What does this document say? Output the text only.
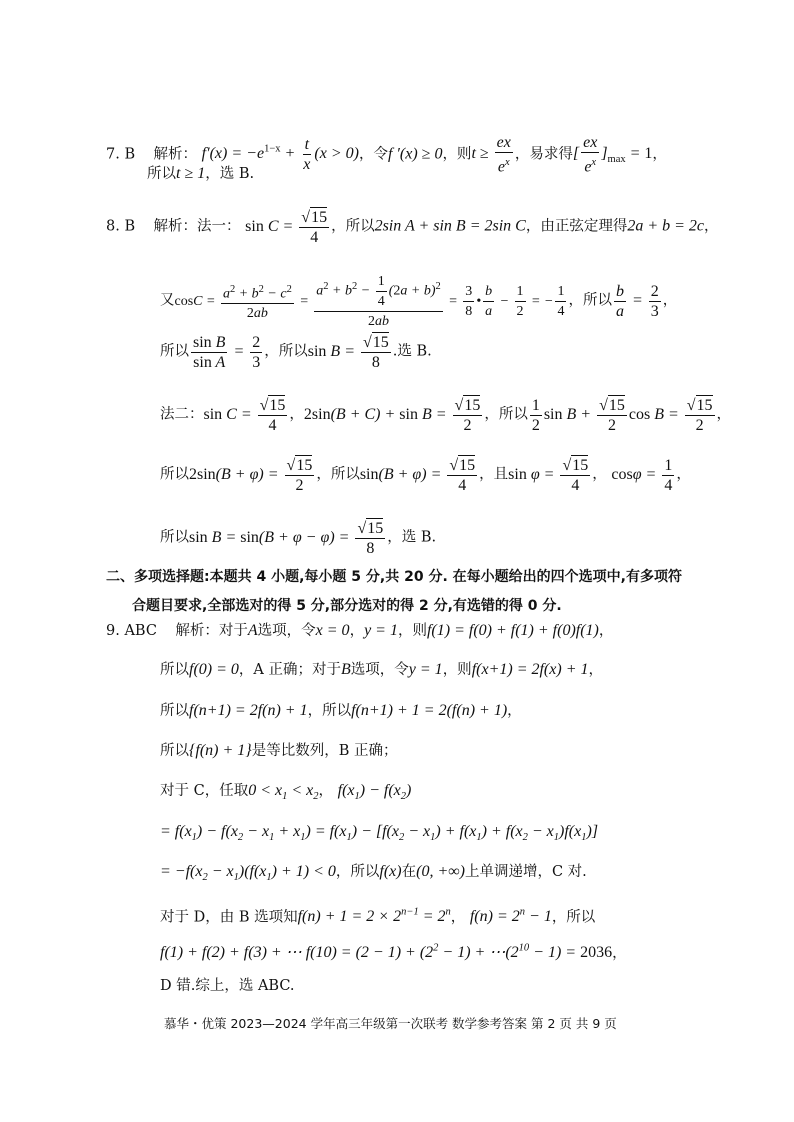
7. B 解析： $f'(x) = -e^{1-x} + \frac{t}{x} (x > 0)$，令f ′(x) ≥ 0，则$t \ge \frac{ex}{e^x}$ ，易求得[ $\frac{ex}{e^x} ]_{max} = 1$，
所以t ≥ 1，选 B.
8. B 解析：法一： $\sin C = \frac{√15}{4}$ ，所以2sin A + sin B = 2sin C，由正弦定理得2a + b = 2c，
又$\cos C = \frac{a^2 + b^2 - c^2}{2ab} = \frac{a^2 + b^2 - \frac{1}{4} (2a + b)^2}{2ab} = \frac{3}{8}$ • $\frac{b}{a} - \frac{1}{2}$ = − $\frac{1}{4}$ ，所以 $\frac{b}{a} = \frac{2}{3}$ ，
所以 $\frac{\text{sin B}}{\text{sin A}} = \frac{2}{3}$ ，所以$\sin B = \frac{√15}{8}$ .选 B.
法二：$\sin C = \frac{√15}{4}$ ，$2\sin(B + C) + \sin B = \frac{√15}{2}$ ，所以 $\frac{1}{2}$ $\sin B + \frac{√15}{2}$ $\cos B = \frac{√15}{2}$ ，
所以$2\sin(B + \varphi) = \frac{√15}{2}$ ，所以$\sin(B + \varphi) = \frac{√15}{4}$ ，且$\sin \varphi = \frac{√15}{4}$ ， $\cos\varphi = \frac{1}{4}$ ，
所以$\sin B = \sin(B + \varphi - \varphi) = \frac{√15}{8}$ ，选 B.
二、多项选择题:本题共 4 小题,每小题 5 分,共 20 分. 在每小题给出的四个选项中,有多项符
合题目要求,全部选对的得 5 分,部分选对的得 2 分,有选错的得 0 分.
9. ABC 解析：对于A选项，令x = 0，y = 1，则f(1) = f(0) + f(1) + f(0)f(1)，
所以f(0) = 0，A 正确；对于B选项，令y = 1，则f(x+1) = 2f(x) + 1，
所以f(n+1) = 2f(n) + 1，所以f(n+1) + 1 = 2(f(n) + 1)，
所以{f(n) + 1}是等比数列，B 正确；
对于 C，任取$0 < x_1 < x_2$， $f(x_1) - f(x_2)$
= $f(x_1) - f(x_2 - x_1 + x_1) = f(x_1) - [f(x_2 - x_1) + f(x_1) + f(x_2 - x_1)f(x_1)]$
= $-f(x_2 - x_1)(f(x_1) + 1) < 0$，所以f(x)在(0, +∞)上单调递增，C 对.
对于 D，由 B 选项知$f(n) + 1 = 2 \times 2^{n-1} = 2^n$， $f(n) = 2^n - 1$，所以
f(1) + f(2) + f(3) + ⋯ $f(10) = (2 - 1) + (2^2 - 1)$ + $\cdots(2^{10} - 1) = 2036$，
D 错.综上，选 ABC.
慕华・优策 2023—2024 学年高三年级第一次联考 数学参考答案 第 2 页 共 9 页
